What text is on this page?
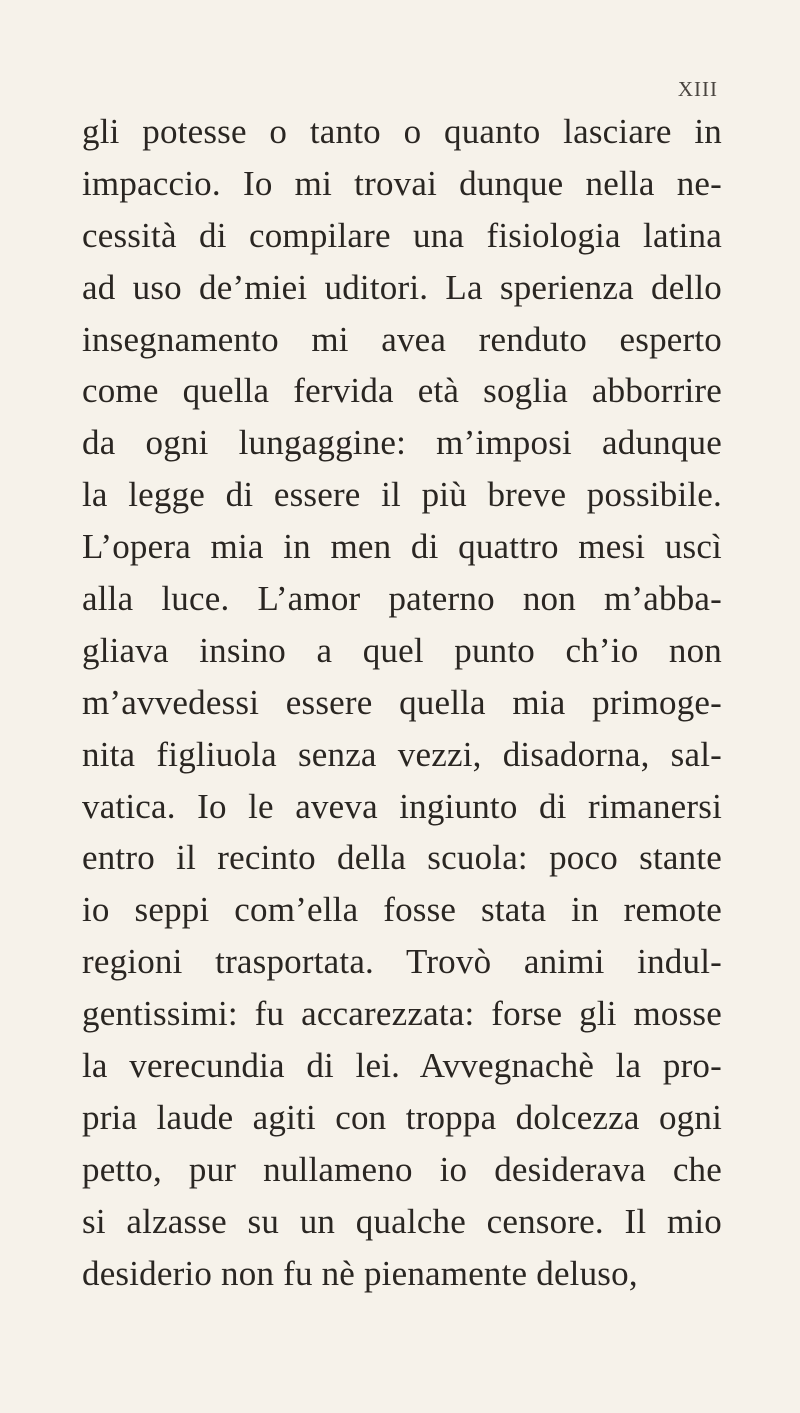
XIII
gli potesse o tanto o quanto lasciare in
impaccio. Io mi trovai dunque nella ne-
cessità di compilare una fisiologia latina
ad uso de’miei uditori. La sperienza dello
insegnamento mi avea renduto esperto
come quella fervida età soglia abborrire
da ogni lungaggine: m’imposi adunque
la legge di essere il più breve possibile.
L’opera mia in men di quattro mesi uscì
alla luce. L’amor paterno non m’abba-
gliava insino a quel punto ch’io non
m’avvedessi essere quella mia primoge-
nita figliuola senza vezzi, disadorna, sal-
vatica. Io le aveva ingiunto di rimanersi
entro il recinto della scuola: poco stante
io seppi com’ella fosse stata in remote
regioni trasportata. Trovò animi indul-
gentissimi: fu accarezzata: forse gli mosse
la verecundia di lei. Avvegnachè la pro-
pria laude agiti con troppa dolcezza ogni
petto, pur nullameno io desiderava che
si alzasse su un qualche censore. Il mio
desiderio non fu nè pienamente deluso,
